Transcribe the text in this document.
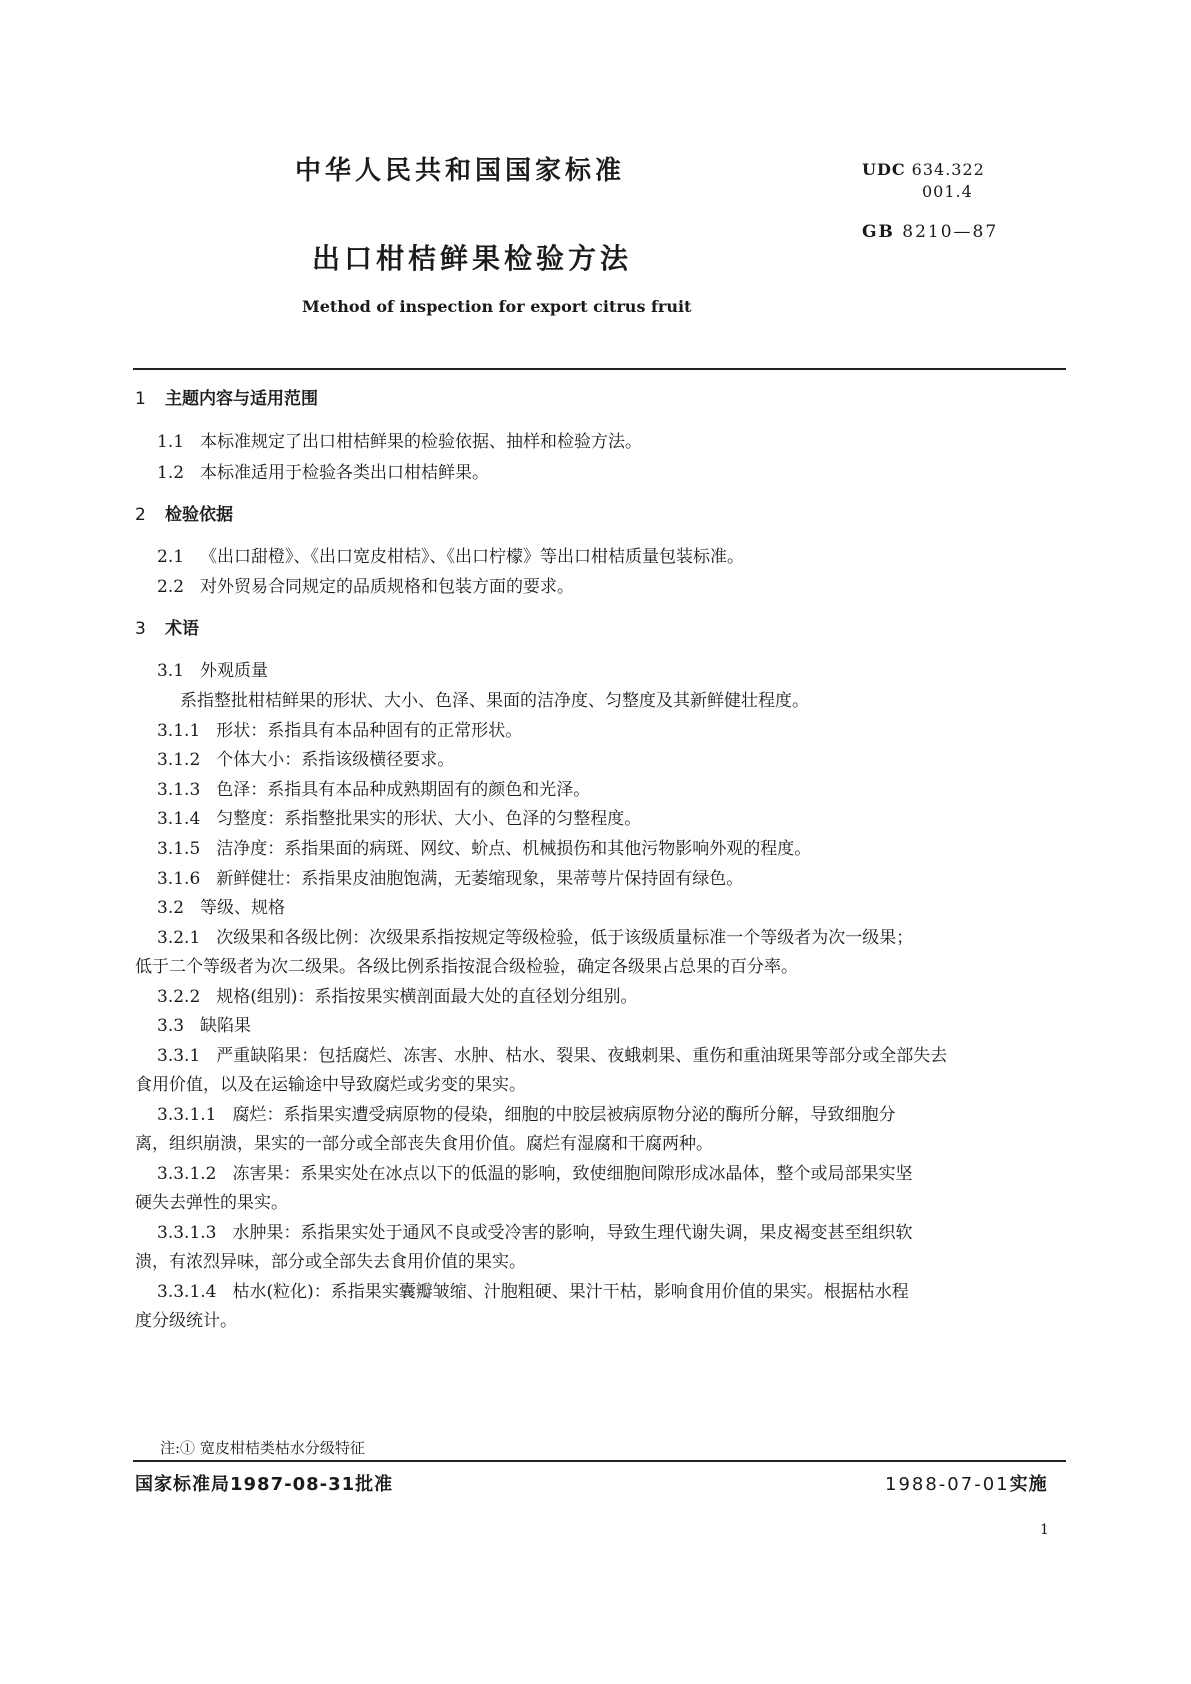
中华人民共和国国家标准	UDC 634.322
001.4
GB 8210—87
出口柑桔鲜果检验方法
Method of inspection for export citrus fruit
1 主题内容与适用范围
1.1 本标准规定了出口柑桔鲜果的检验依据、抽样和检验方法。
1.2 本标准适用于检验各类出口柑桔鲜果。
2 检验依据
2.1 《出口甜橙》、《出口宽皮柑桔》、《出口柠檬》等出口柑桔质量包装标准。
2.2 对外贸易合同规定的品质规格和包装方面的要求。
3 术语
3.1 外观质量
系指整批柑桔鲜果的形状、大小、色泽、果面的洁净度、匀整度及其新鲜健壮程度。
3.1.1 形状：系指具有本品种固有的正常形状。
3.1.2 个体大小：系指该级横径要求。
3.1.3 色泽：系指具有本品种成熟期固有的颜色和光泽。
3.1.4 匀整度：系指整批果实的形状、大小、色泽的匀整程度。
3.1.5 洁净度：系指果面的病斑、网纹、蚧点、机械损伤和其他污物影响外观的程度。
3.1.6 新鲜健壮：系指果皮油胞饱满，无萎缩现象，果蒂萼片保持固有绿色。
3.2 等级、规格
3.2.1 次级果和各级比例：次级果系指按规定等级检验，低于该级质量标准一个等级者为次一级果；
低于二个等级者为次二级果。各级比例系指按混合级检验，确定各级果占总果的百分率。
3.2.2 规格(组别)：系指按果实横剖面最大处的直径划分组别。
3.3 缺陷果
3.3.1 严重缺陷果：包括腐烂、冻害、水肿、枯水、裂果、夜蛾刺果、重伤和重油斑果等部分或全部失去
食用价值，以及在运输途中导致腐烂或劣变的果实。
3.3.1.1 腐烂：系指果实遭受病原物的侵染，细胞的中胶层被病原物分泌的酶所分解，导致细胞分
离，组织崩溃，果实的一部分或全部丧失食用价值。腐烂有湿腐和干腐两种。
3.3.1.2 冻害果：系果实处在冰点以下的低温的影响，致使细胞间隙形成冰晶体，整个或局部果实坚
硬失去弹性的果实。
3.3.1.3 水肿果：系指果实处于通风不良或受冷害的影响，导致生理代谢失调，果皮褐变甚至组织软
溃，有浓烈异味，部分或全部失去食用价值的果实。
3.3.1.4 枯水(粒化)：系指果实囊瓣皱缩、汁胞粗硬、果汁干枯，影响食用价值的果实。根据枯水程
度分级统计。
注:① 宽皮柑桔类枯水分级特征
国家标准局1987-08-31批准	1988-07-01实施
1
